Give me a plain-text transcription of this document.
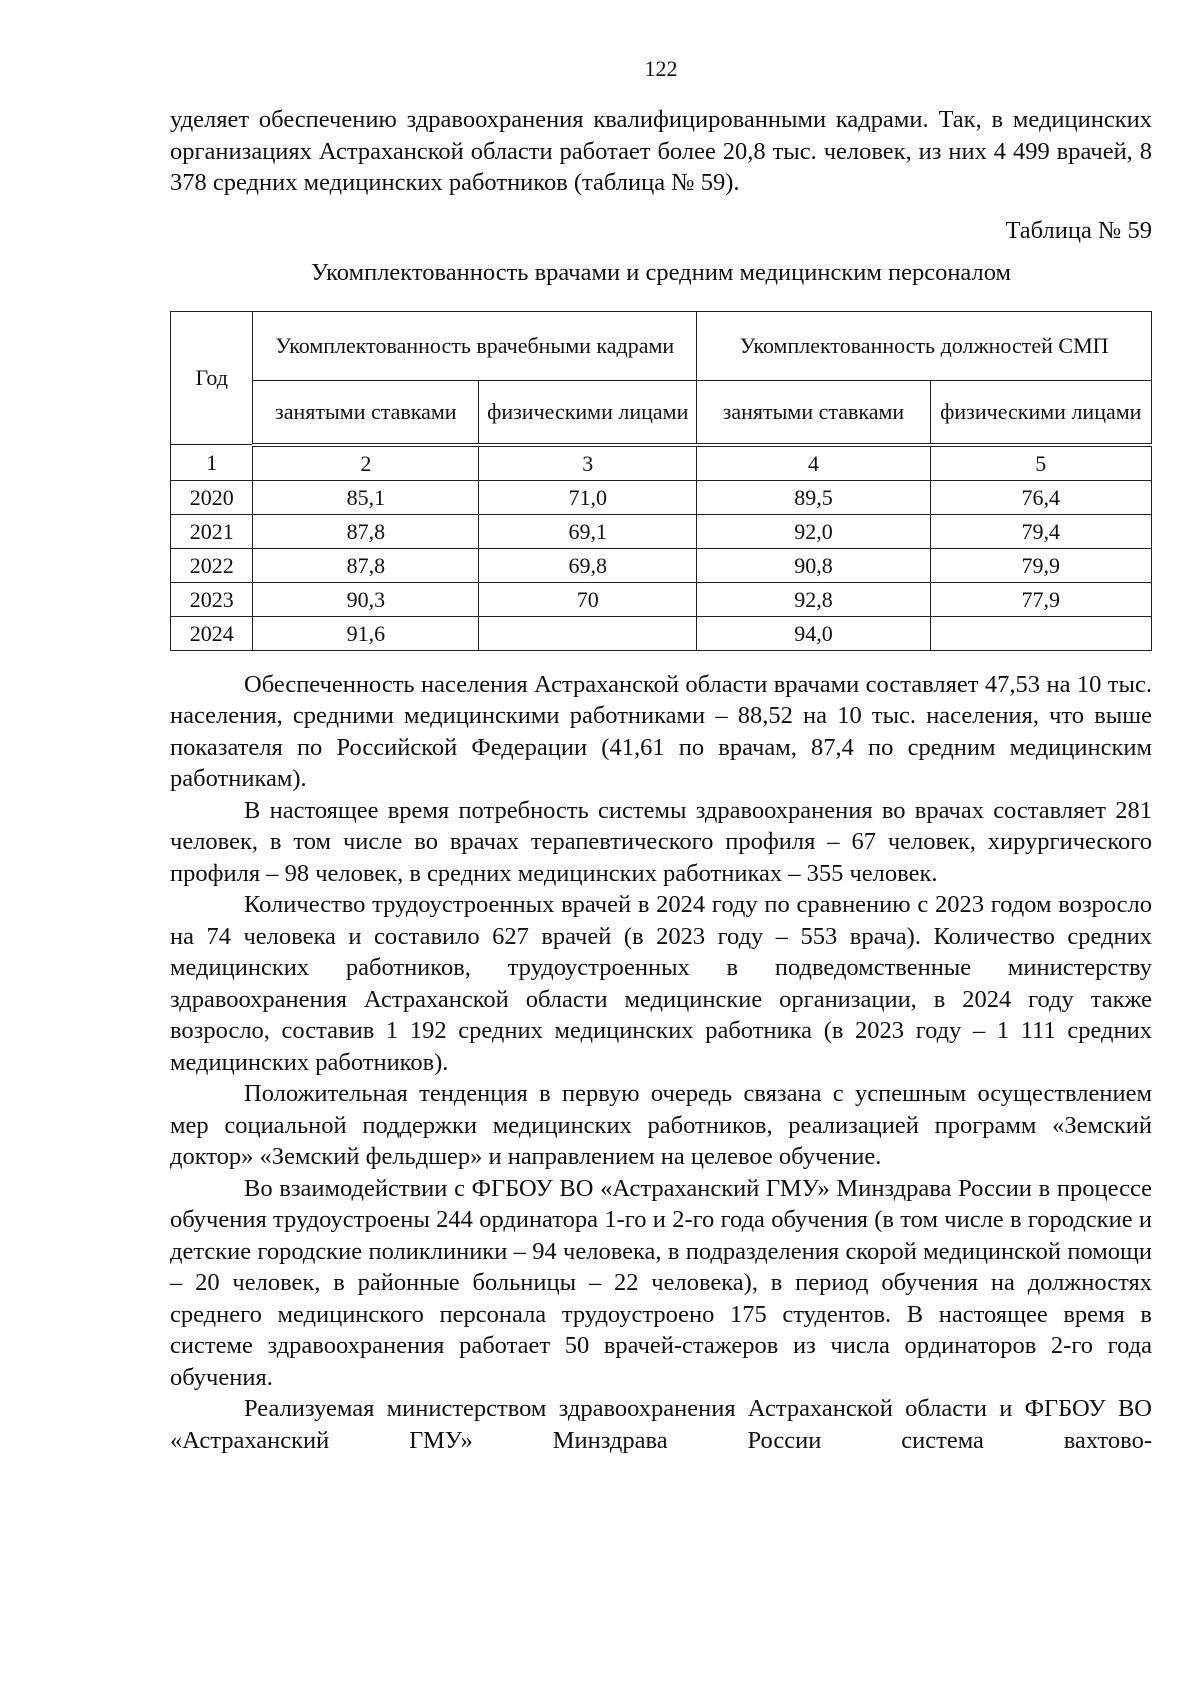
122

уделяет обеспечению здравоохранения квалифицированными кадрами. Так, в медицинских организациях Астраханской области работает более 20,8 тыс. человек, из них 4 499 врачей, 8 378 средних медицинских работников (таблица № 59).

Таблица № 59
Укомплектованность врачами и средним медицинским персоналом
Год	Укомплектованность врачебными кадрами		Укомплектованность должностей СМП	
	занятыми ставками	физическими лицами	занятыми ставками	физическими лицами
1	2	3	4	5
2020	85,1	71,0	89,5	76,4
2021	87,8	69,1	92,0	79,4
2022	87,8	69,8	90,8	79,9
2023	90,3	70	92,8	77,9
2024	91,6		94,0	

Обеспеченность населения Астраханской области врачами составляет 47,53 на 10 тыс. населения, средними медицинскими работниками – 88,52 на 10 тыс. населения, что выше показателя по Российской Федерации (41,61 по врачам, 87,4 по средним медицинским работникам).

В настоящее время потребность системы здравоохранения во врачах составляет 281 человек, в том числе во врачах терапевтического профиля – 67 человек, хирургического профиля – 98 человек, в средних медицинских работниках – 355 человек.

Количество трудоустроенных врачей в 2024 году по сравнению с 2023 годом возросло на 74 человека и составило 627 врачей (в 2023 году – 553 врача). Количество средних медицинских работников, трудоустроенных в подведомственные министерству здравоохранения Астраханской области медицинские организации, в 2024 году также возросло, составив 1 192 средних медицинских работника (в 2023 году – 1 111 средних медицинских работников).

Положительная тенденция в первую очередь связана с успешным осуществлением мер социальной поддержки медицинских работников, реализацией программ «Земский доктор» «Земский фельдшер» и направлением на целевое обучение.

Во взаимодействии с ФГБОУ ВО «Астраханский ГМУ» Минздрава России в процессе обучения трудоустроены 244 ординатора 1-го и 2-го года обучения (в том числе в городские и детские городские поликлиники – 94 человека, в подразделения скорой медицинской помощи – 20 человек, в районные больницы – 22 человека), в период обучения на должностях среднего медицинского персонала трудоустроено 175 студентов. В настоящее время в системе здравоохранения работает 50 врачей-стажеров из числа ординаторов 2-го года обучения.

Реализуемая министерством здравоохранения Астраханской области и ФГБОУ ВО «Астраханский ГМУ» Минздрава России система вахтово-
